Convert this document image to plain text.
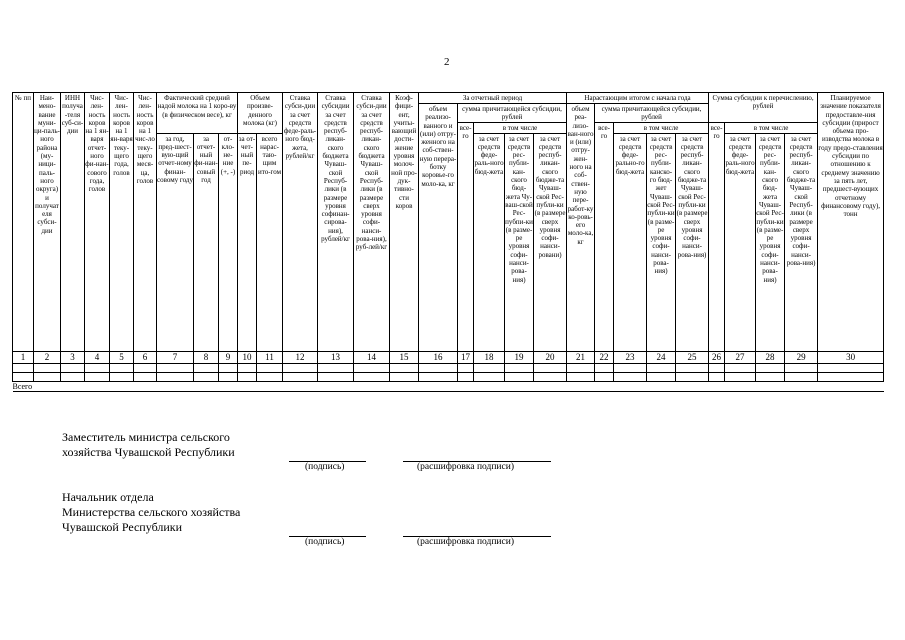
2
№ пп	Наи-мено-вание муни-ци-паль-ного района (му-ници-паль-ного округа) и получателя субси-дии	ИНН получа-теля суб-си-дии	Чис-лен-ность коров на 1 ян-варя отчет-ного фи-нан-сового года, голов	Чис-лен-ность коров на 1 ян-варя теку-щего года, голов	Чис-лен-ность коров на 1 чис-ло теку-щего меся-ца, голов	Фактический средний надой молока на 1 коро-ву (в физическом весе), кг			Объем произве-денного молока (кг)		Ставка субси-дии за счет средств феде-раль-ного бюд-жета, рублей/кг	Ставка субсидии за счет средств респуб-ликан-ского бюджета Чуваш-ской Респуб-лики (в размере уровня софинан-сирова-ния), рублей/кг	Ставка субси-дии за счет средств респуб-ликан-ского бюджета Чуваш-ской Респуб-лики (в размере сверх уровня софи-нанси-рова-ния), руб-лей/кг	Коэф-фици-ент, учиты-вающий дости-жение уровня молоч-ной про-дук-тивно-сти коров	За отчетный период					Нарастающим итогом с начала года					Сумма субсидии к перечислению, рублей				Планируемое значение показателя предоставле-ния субсидии (прирост объема про-изводства молока в году предо-ставления субсидии по отношению к среднему значению за пять лет, предшест-вующих отчетному финансовому году), тонн
															объем реализо-ванного и (или) отгру-женного на соб-ствен-ную перера-ботку коровье-го моло-ка, кг	сумма причитающейся субсидии, рублей				объем реа-лизо-ван-ного и (или) отгру-жен-ного на соб-ствен-ную пере-работ-ку ко-ровь-его моло-ка, кг	сумма причитающейся субсидии, рублей								
																все-го	в том числе				все-го	в том числе			все-го	в том числе			
						за год, пред-шест-вую-щий отчет-ному финан-совому году	за отчет-ный фи-нан-совый год	от-кло-не-ние (+, -)	за от-чет-ный пе-риод	всего нарас-таю-щим ито-гом							за счет средств феде-раль-ного бюд-жета	за счет средств рес-публи-кан-ского бюд-жета Чу-ваш-ской Рес-пубпи-ки (в разме-ре уровня софи-нанси-рова-ния)	за счет средств респуб-ликан-ского бюдже-та Чуваш-ской Рес-публи-ки (в размере сверх уровня софи-нанси-ровани)			за счет средств феде-рально-го бюд-жета	за счет средств рес-публи-канско-го бюд-жет Чуваш-ской Рес-публи-ки (в разме-ре уровня софи-нанси-рова-ния)	за счет средств респуб-ликан-ского бюдже-та Чуваш-ской Рес-публи-ки (в размере сверх уровня софи-нанси-рова-ния)		за счет средств феде-раль-ного бюд-жета	за счет средств рес-публи-кан-ского бюд-жета Чуваш-ской Рес-публи-ки (в разме-ре уровня софи-нанси-рова-ния)	за счет средств респуб-ликан-ского бюдже-та Чуваш-ской Респуб-лики (в размере сверх уровня софи-нанси-рова-ния)	
1	2	3	4	5	6	7	8	9	10	11	12	13	14	15	16	17	18	19	20	21	22	23	24	25	26	27	28	29	30

Всего																													
Заместитель министра сельского
хозяйства Чувашской Республики
(подпись)	(расшифровка подписи)
Начальник отдела
Министерства сельского хозяйства
Чувашской Республики
(подпись)	(расшифровка подписи)
